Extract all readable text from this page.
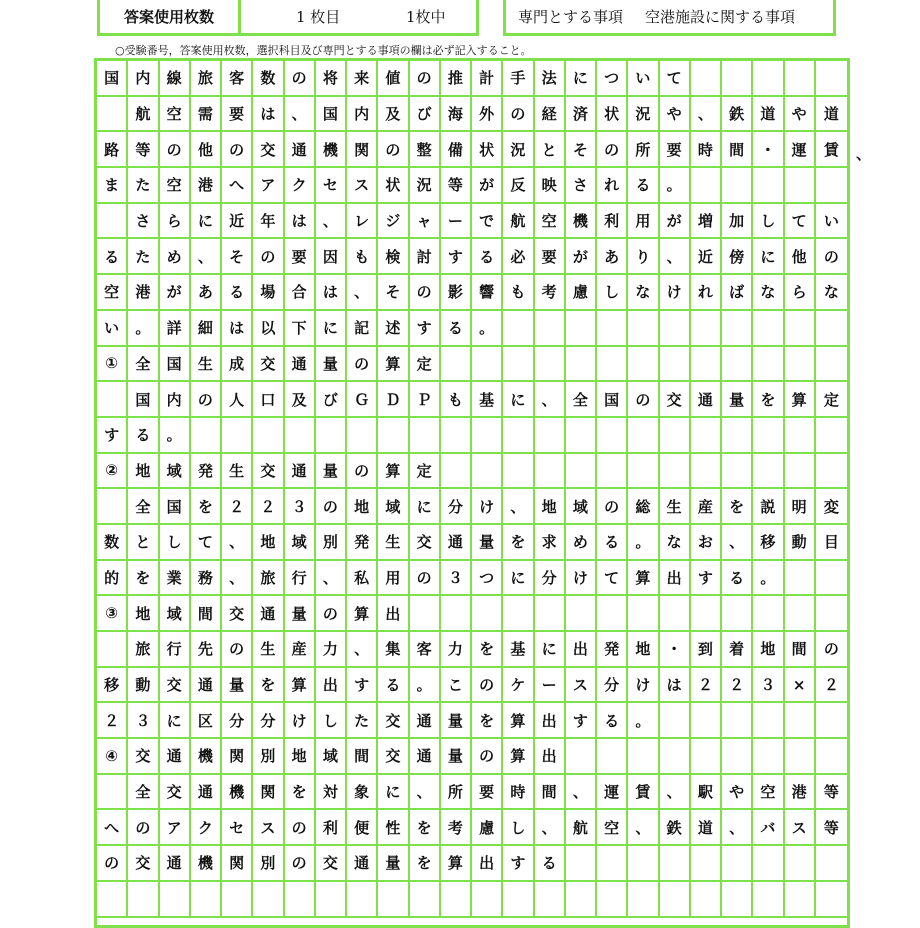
答案使用枚数	1 枚目	1枚中	専門とする事項 空港施設に関する事項
○受験番号，答案使用枚数，選択科目及び専門とする事項の欄は必ず記入すること。
国	内	線	旅	客	数	の	将	来	値	の	推	計	手	法	に	つ	い	て
航	空	需	要	は	、	国	内	及	び	海	外	の	経	済	状	況	や	、	鉄	道	や	道
路	等	の	他	の	交	通	機	関	の	整	備	状	況	と	そ	の	所	要	時	間	・	運	賃
ま	た	空	港	へ	ア	ク	セ	ス	状	況	等	が	反	映	さ	れ	る	。
さ	ら	に	近	年	は	、	レ	ジ	ャ	ー	で	航	空	機	利	用	が	増	加	し	て	い
る	た	め	、	そ	の	要	因	も	検	討	す	る	必	要	が	あ	り	、	近	傍	に	他	の
空	港	が	あ	る	場	合	は	、	そ	の	影	響	も	考	慮	し	な	け	れ	ば	な	ら	な
い	。	詳	細	は	以	下	に	記	述	す	る	。
①	全	国	生	成	交	通	量	の	算	定
国	内	の	人	口	及	び	Ｇ	Ｄ	Ｐ	も	基	に	、	全	国	の	交	通	量	を	算	定
す	る	。
②	地	域	発	生	交	通	量	の	算	定
全	国	を	２	２	３	の	地	域	に	分	け	、	地	域	の	総	生	産	を	説	明	変
数	と	し	て	、	地	域	別	発	生	交	通	量	を	求	め	る	。	な	お	、	移	動	目
的	を	業	務	、	旅	行	、	私	用	の	３	つ	に	分	け	て	算	出	す	る	。
③	地	域	間	交	通	量	の	算	出
旅	行	先	の	生	産	力	、	集	客	力	を	基	に	出	発	地	・	到	着	地	間	の
移	動	交	通	量	を	算	出	す	る	。	こ	の	ケ	ー	ス	分	け	は	２	２	３	×	２
２	３	に	区	分	分	け	し	た	交	通	量	を	算	出	す	る	。
④	交	通	機	関	別	地	域	間	交	通	量	の	算	出
全	交	通	機	関	を	対	象	に	、	所	要	時	間	、	運	賃	、	駅	や	空	港	等
へ	の	ア	ク	セ	ス	の	利	便	性	を	考	慮	し	、	航	空	、	鉄	道	、	バ	ス	等
の	交	通	機	関	別	の	交	通	量	を	算	出	す	る
、
